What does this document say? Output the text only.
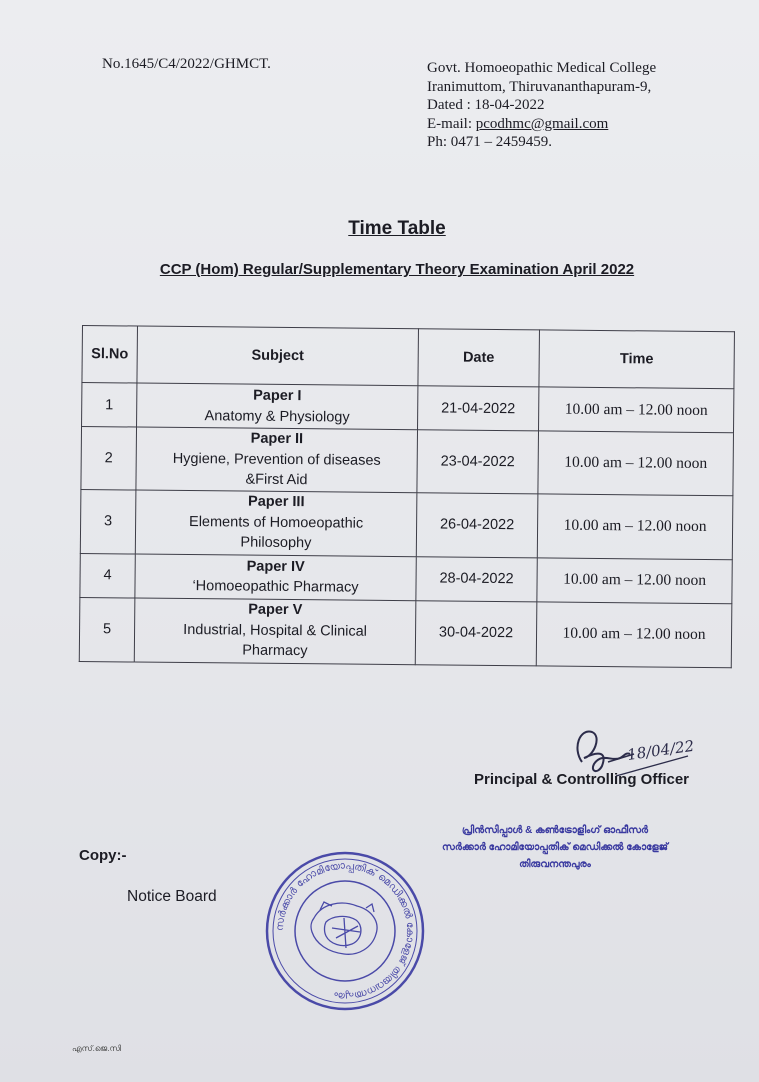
No.1645/C4/2022/GHMCT.	Govt. Homoeopathic Medical College
Iranimuttom, Thiruvananthapuram-9,
Dated : 18-04-2022
E-mail: pcodhmc@gmail.com
Ph: 0471 – 2459459.
Time Table
CCP (Hom) Regular/Supplementary Theory Examination April 2022
Sl.No	Subject	Date	Time
1	Paper I
Anatomy & Physiology	21-04-2022	10.00 am – 12.00 noon
2	Paper II
Hygiene, Prevention of diseases
&First Aid	23-04-2022	10.00 am – 12.00 noon
3	Paper III
Elements of Homoeopathic
Philosophy	26-04-2022	10.00 am – 12.00 noon
4	Paper IV
‘Homoeopathic Pharmacy	28-04-2022	10.00 am – 12.00 noon
5	Paper V
Industrial, Hospital & Clinical
Pharmacy	30-04-2022	10.00 am – 12.00 noon
18/04/22
Principal & Controlling Officer
പ്രിൻസിപ്പാൾ & കൺട്രോളിംഗ് ഓഫീസർ
സർക്കാർ ഹോമിയോപ്പതിക് മെഡിക്കൽ കോളേജ്
തിരുവനന്തപുരം
Copy:-
Notice Board
സർക്കാർ ഹോമിയോപ്പതിക് മെഡിക്കൽ കോളേജ് തിരുവനന്തപുരം
എസ്.ജെ.സി
